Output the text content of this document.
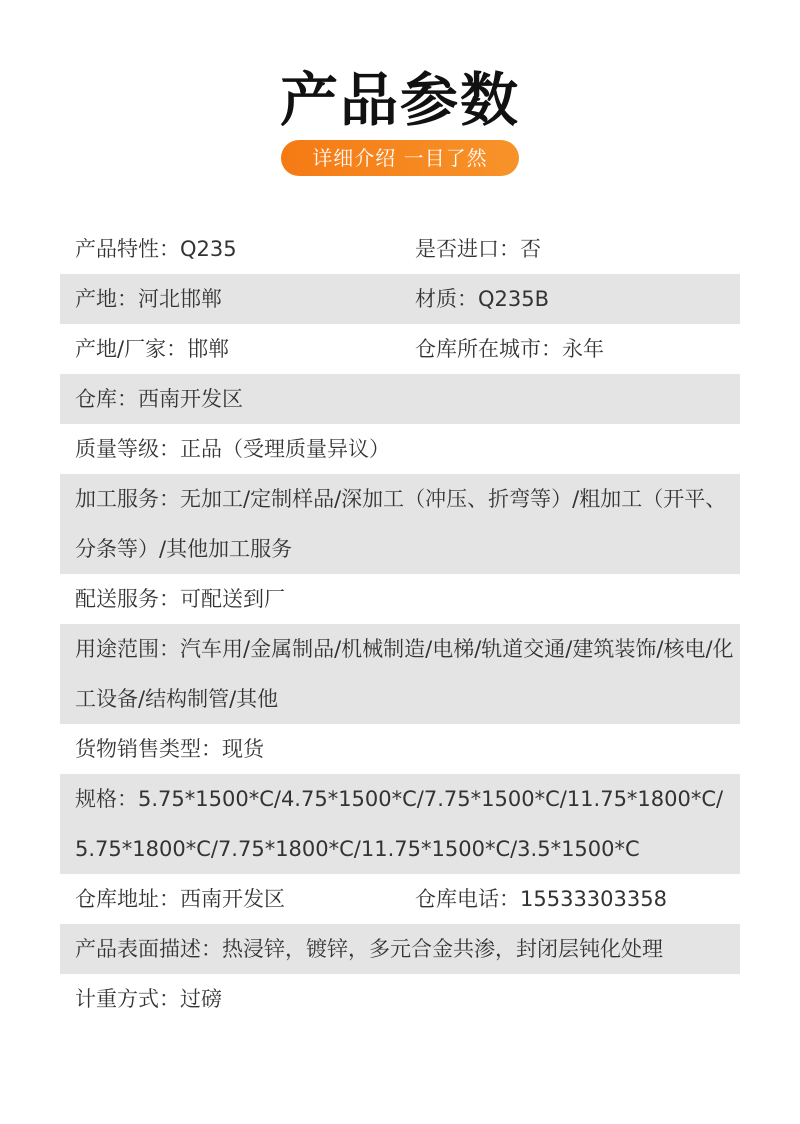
产品参数
详细介绍 一目了然
产品特性：Q235	是否进口：否
产地：河北邯郸	材质：Q235B
产地/厂家：邯郸	仓库所在城市：永年
仓库：西南开发区
质量等级：正品（受理质量异议）
加工服务：无加工/定制样品/深加工（冲压、折弯等）/粗加工（开平、分条等）/其他加工服务
配送服务：可配送到厂
用途范围：汽车用/金属制品/机械制造/电梯/轨道交通/建筑装饰/核电/化工设备/结构制管/其他
货物销售类型：现货
规格：5.75*1500*C/4.75*1500*C/7.75*1500*C/11.75*1800*C/5.75*1800*C/7.75*1800*C/11.75*1500*C/3.5*1500*C
仓库地址：西南开发区	仓库电话：15533303358
产品表面描述：热浸锌，镀锌，多元合金共渗，封闭层钝化处理
计重方式：过磅
